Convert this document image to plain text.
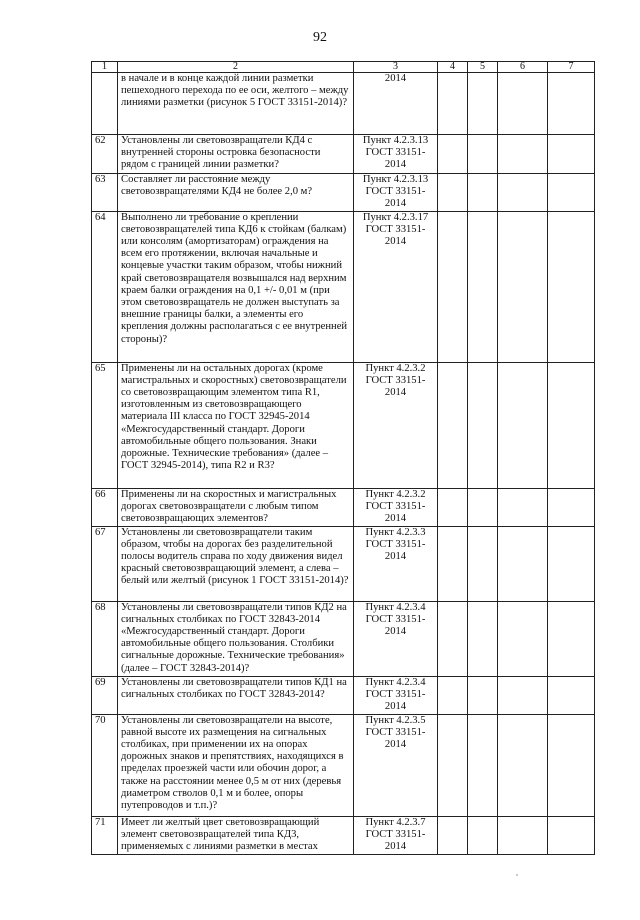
92
1	2	3	4	5	6	7
	в начале и в конце каждой линии разметки пешеходного перехода по ее оси, желтого – между линиями разметки (рисунок 5 ГОСТ 33151-2014)?	2014				
62	Установлены ли световозвращатели КД4 с внутренней стороны островка безопасности рядом с границей линии разметки?	Пункт 4.2.3.13 ГОСТ 33151-2014				
63	Составляет ли расстояние между световозвращателями КД4 не более 2,0 м?	Пункт 4.2.3.13 ГОСТ 33151-2014				
64	Выполнено ли требование о креплении световозвращателей типа КД6 к стойкам (балкам) или консолям (амортизаторам) ограждения на всем его протяжении, включая начальные и концевые участки таким образом, чтобы нижний край световозвращателя возвышался над верхним краем балки ограждения на 0,1 +/- 0,01 м (при этом световозвращатель не должен выступать за внешние границы балки, а элементы его крепления должны располагаться с ее внутренней стороны)?	Пункт 4.2.3.17 ГОСТ 33151-2014				
65	Применены ли на остальных дорогах (кроме магистральных и скоростных) световозвращатели со световозвращающим элементом типа R1, изготовленным из световозвращающего материала III класса по ГОСТ 32945-2014 «Межгосударственный стандарт. Дороги автомобильные общего пользования. Знаки дорожные. Технические требования» (далее – ГОСТ 32945-2014), типа R2 и R3?	Пункт 4.2.3.2 ГОСТ 33151-2014				
66	Применены ли на скоростных и магистральных дорогах световозвращатели с любым типом световозвращающих элементов?	Пункт 4.2.3.2 ГОСТ 33151-2014				
67	Установлены ли световозвращатели таким образом, чтобы на дорогах без разделительной полосы водитель справа по ходу движения видел красный световозвращающий элемент, а слева – белый или желтый (рисунок 1 ГОСТ 33151-2014)?	Пункт 4.2.3.3 ГОСТ 33151-2014				
68	Установлены ли световозвращатели типов КД2 на сигнальных столбиках по ГОСТ 32843-2014 «Межгосударственный стандарт. Дороги автомобильные общего пользования. Столбики сигнальные дорожные. Технические требования» (далее – ГОСТ 32843-2014)?	Пункт 4.2.3.4 ГОСТ 33151-2014				
69	Установлены ли световозвращатели типов КД1 на сигнальных столбиках по ГОСТ 32843-2014?	Пункт 4.2.3.4 ГОСТ 33151-2014				
70	Установлены ли световозвращатели на высоте, равной высоте их размещения на сигнальных столбиках, при применении их на опорах дорожных знаков и препятствиях, находящихся в пределах проезжей части или обочин дорог, а также на расстоянии менее 0,5 м от них (деревья диаметром стволов 0,1 м и более, опоры путепроводов и т.п.)?	Пункт 4.2.3.5 ГОСТ 33151-2014				
71	Имеет ли желтый цвет световозвращающий элемент световозвращателей типа КД3, применяемых с линиями разметки в местах	Пункт 4.2.3.7 ГОСТ 33151-2014				
